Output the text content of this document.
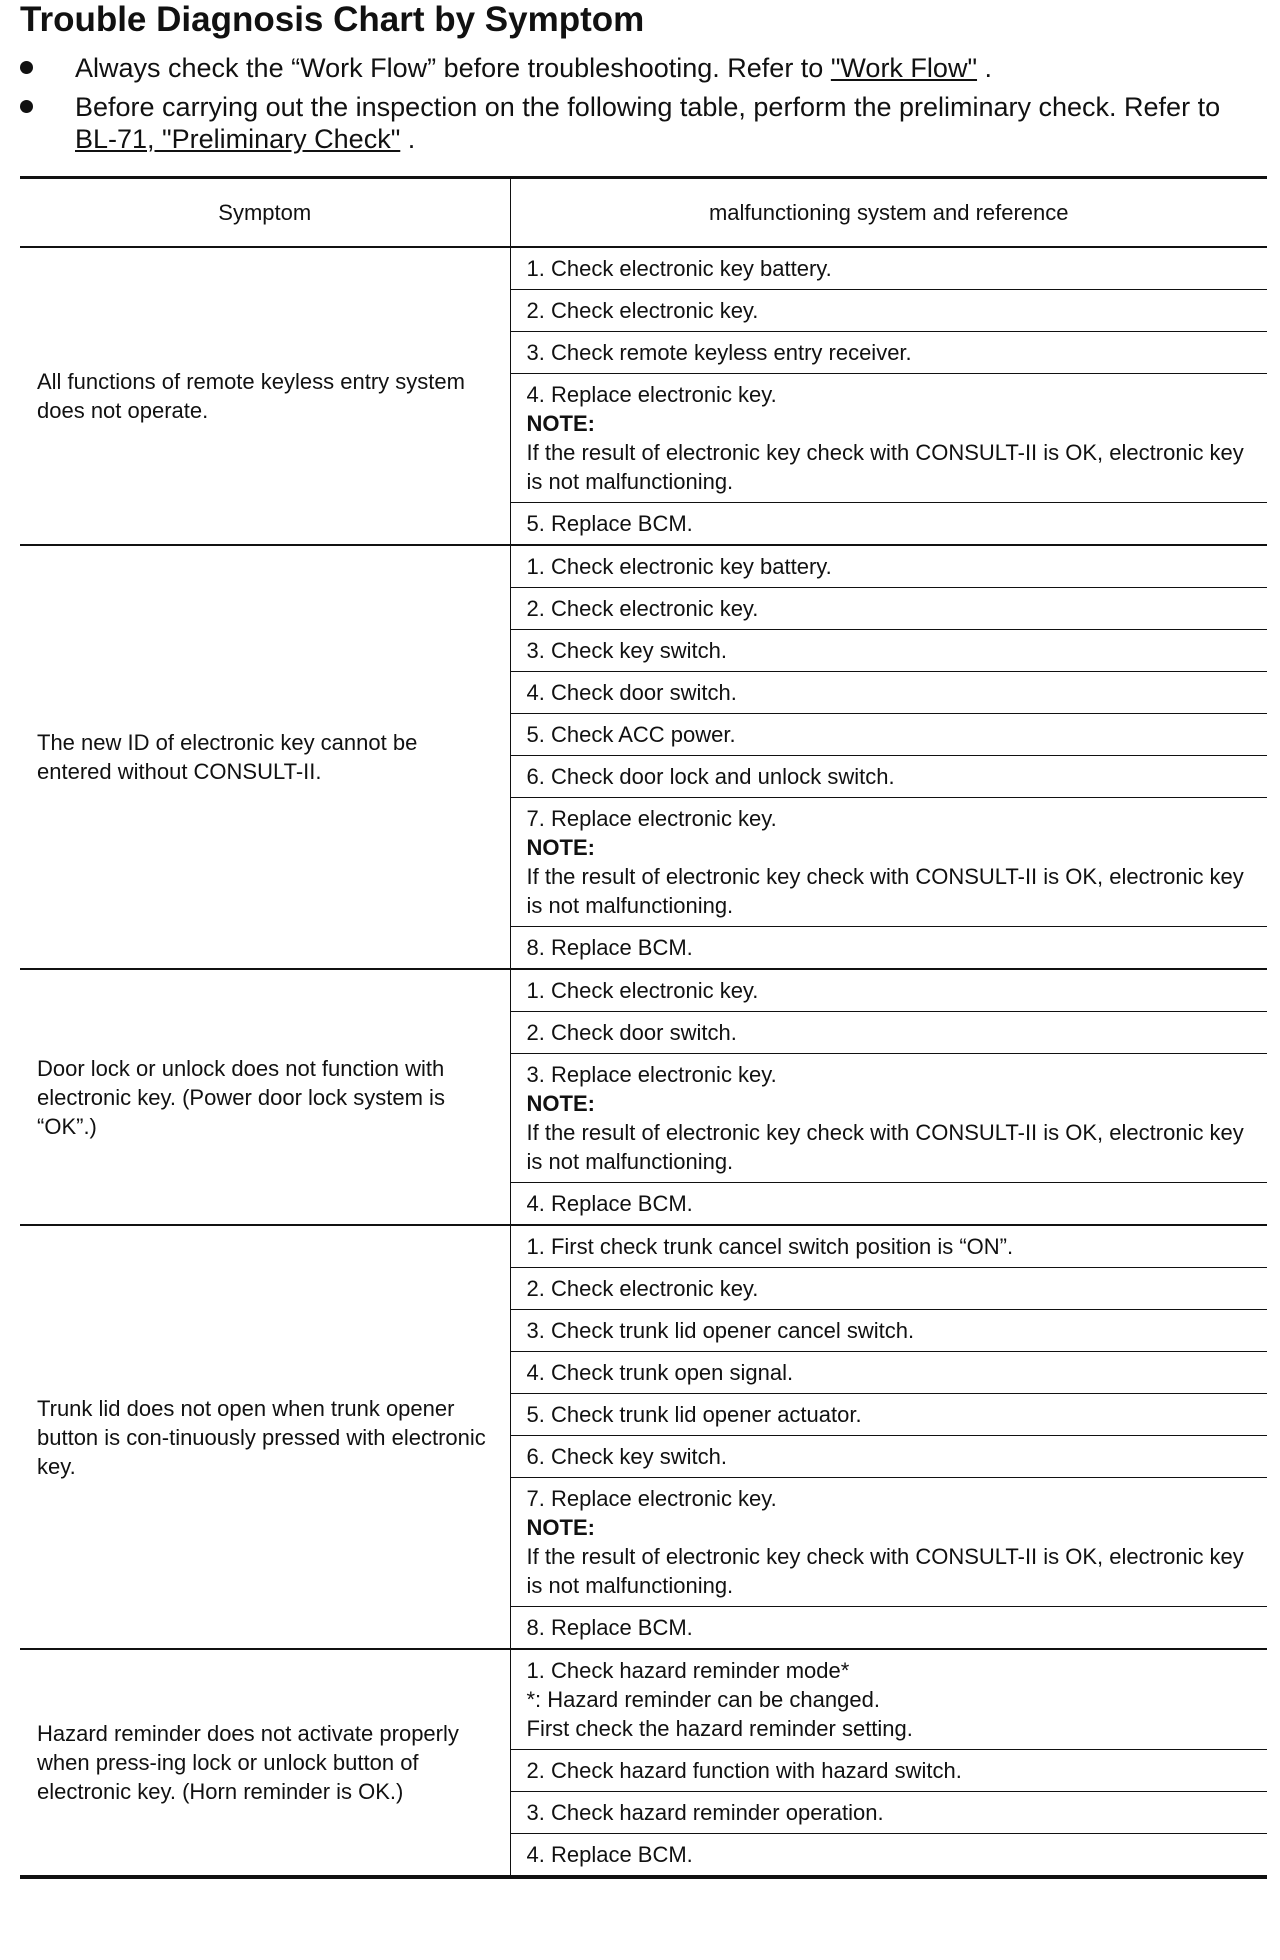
Trouble Diagnosis Chart by Symptom
Always check the “Work Flow” before troubleshooting. Refer to "Work Flow" .
Before carrying out the inspection on the following table, perform the preliminary check. Refer to BL-71, "Preliminary Check" .
Symptom	malfunctioning system and reference
All functions of remote keyless entry system does not operate.	1. Check electronic key battery.

	2. Check electronic key.

	3. Check remote keyless entry receiver.

	4. Replace electronic key.
NOTE:
If the result of electronic key check with CONSULT-II is OK, electronic key is not malfunctioning.

	5. Replace BCM.

The new ID of electronic key cannot be entered without CONSULT-II.	1. Check electronic key battery.

	2. Check electronic key.

	3. Check key switch.

	4. Check door switch.

	5. Check ACC power.

	6. Check door lock and unlock switch.

	7. Replace electronic key.
NOTE:
If the result of electronic key check with CONSULT-II is OK, electronic key is not malfunctioning.

	8. Replace BCM.

Door lock or unlock does not function with electronic key. (Power door lock system is “OK”.)	1. Check electronic key.

	2. Check door switch.

	3. Replace electronic key.
NOTE:
If the result of electronic key check with CONSULT-II is OK, electronic key is not malfunctioning.

	4. Replace BCM.

Trunk lid does not open when trunk opener button is con-tinuously pressed with electronic key.	1. First check trunk cancel switch position is “ON”.

	2. Check electronic key.

	3. Check trunk lid opener cancel switch.

	4. Check trunk open signal.

	5. Check trunk lid opener actuator.

	6. Check key switch.

	7. Replace electronic key.
NOTE:
If the result of electronic key check with CONSULT-II is OK, electronic key is not malfunctioning.

	8. Replace BCM.

Hazard reminder does not activate properly when press-ing lock or unlock button of electronic key. (Horn reminder is OK.)	1. Check hazard reminder mode*
*: Hazard reminder can be changed.
First check the hazard reminder setting.

	2. Check hazard function with hazard switch.

	3. Check hazard reminder operation.

	4. Replace BCM.
